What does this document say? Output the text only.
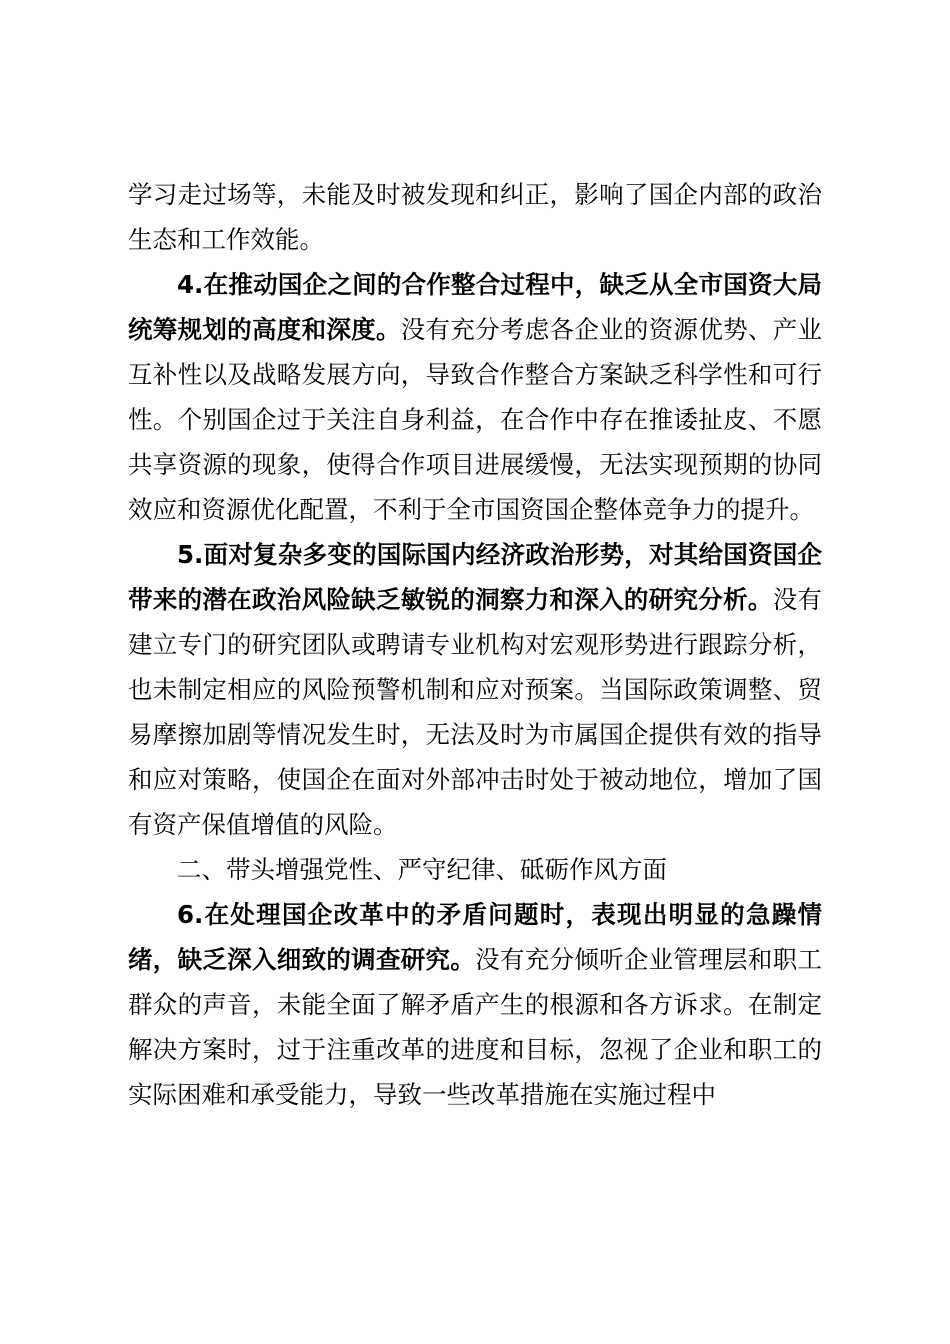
学习走过场等，未能及时被发现和纠正，影响了国企内部的政治生态和工作效能。

4.在推动国企之间的合作整合过程中，缺乏从全市国资大局统筹规划的高度和深度。没有充分考虑各企业的资源优势、产业互补性以及战略发展方向，导致合作整合方案缺乏科学性和可行性。个别国企过于关注自身利益，在合作中存在推诿扯皮、不愿共享资源的现象，使得合作项目进展缓慢，无法实现预期的协同效应和资源优化配置，不利于全市国资国企整体竞争力的提升。

5.面对复杂多变的国际国内经济政治形势，对其给国资国企带来的潜在政治风险缺乏敏锐的洞察力和深入的研究分析。没有建立专门的研究团队或聘请专业机构对宏观形势进行跟踪分析，也未制定相应的风险预警机制和应对预案。当国际政策调整、贸易摩擦加剧等情况发生时，无法及时为市属国企提供有效的指导和应对策略，使国企在面对外部冲击时处于被动地位，增加了国有资产保值增值的风险。

二、带头增强党性、严守纪律、砥砺作风方面

6.在处理国企改革中的矛盾问题时，表现出明显的急躁情绪，缺乏深入细致的调查研究。没有充分倾听企业管理层和职工群众的声音，未能全面了解矛盾产生的根源和各方诉求。在制定解决方案时，过于注重改革的进度和目标，忽视了企业和职工的实际困难和承受能力，导致一些改革措施在实施过程中
